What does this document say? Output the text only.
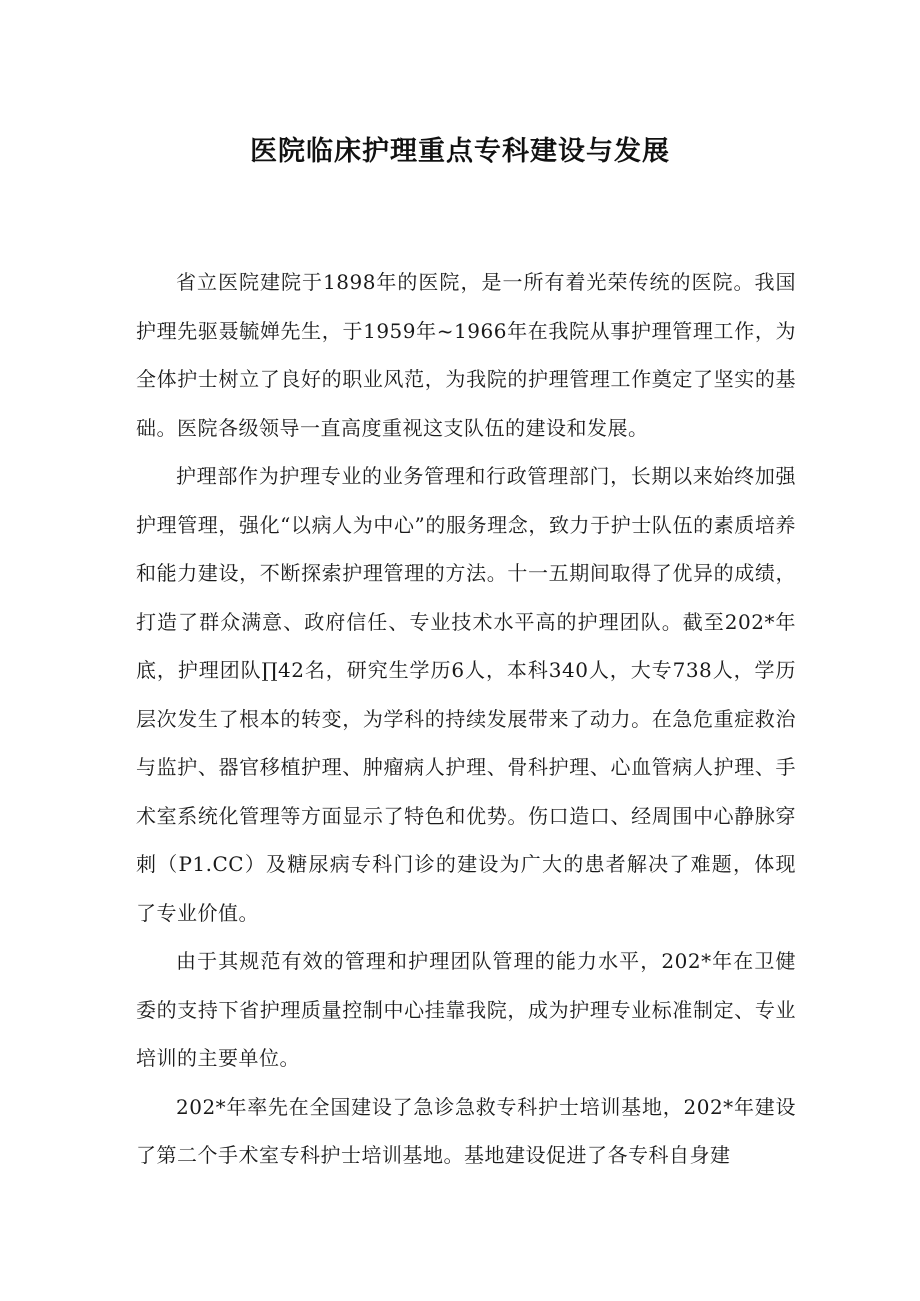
医院临床护理重点专科建设与发展

省立医院建院于1898年的医院，是一所有着光荣传统的医院。我国护理先驱聂毓婵先生，于1959年~1966年在我院从事护理管理工作，为全体护士树立了良好的职业风范，为我院的护理管理工作奠定了坚实的基础。医院各级领导一直高度重视这支队伍的建设和发展。

护理部作为护理专业的业务管理和行政管理部门，长期以来始终加强护理管理，强化“以病人为中心”的服务理念，致力于护士队伍的素质培养和能力建设，不断探索护理管理的方法。十一五期间取得了优异的成绩，打造了群众满意、政府信任、专业技术水平高的护理团队。截至202*年底，护理团队∏42名，研究生学历6人，本科340人，大专738人，学历层次发生了根本的转变，为学科的持续发展带来了动力。在急危重症救治与监护、器官移植护理、肿瘤病人护理、骨科护理、心血管病人护理、手术室系统化管理等方面显示了特色和优势。伤口造口、经周围中心静脉穿刺（P1.CC）及糖尿病专科门诊的建设为广大的患者解决了难题，体现了专业价值。

由于其规范有效的管理和护理团队管理的能力水平，202*年在卫健委的支持下省护理质量控制中心挂靠我院，成为护理专业标准制定、专业培训的主要单位。

202*年率先在全国建设了急诊急救专科护士培训基地，202*年建设了第二个手术室专科护士培训基地。基地建设促进了各专科自身建
